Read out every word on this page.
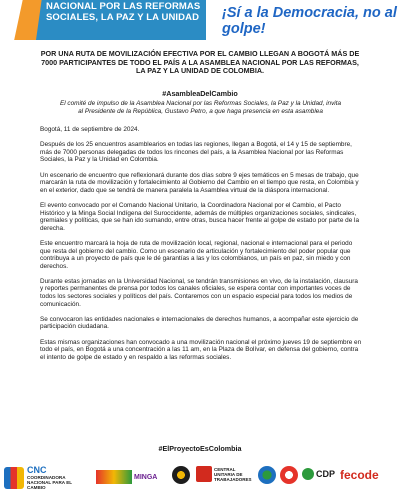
NACIONAL POR LAS REFORMAS SOCIALES, LA PAZ Y LA UNIDAD	¡Sí a la Democracia, no al golpe!
POR UNA RUTA DE MOVILIZACIÓN EFECTIVA POR EL CAMBIO LLEGAN A BOGOTÁ MÁS DE 7000 PARTICIPANTES DE TODO EL PAÍS A LA ASAMBLEA NACIONAL POR LAS REFORMAS, LA PAZ Y LA UNIDAD DE COLOMBIA.
#AsambleaDelCambio
El comité de impulso de la Asamblea Nacional por las Reformas Sociales, la Paz y la Unidad, invita al Presidente de la República, Gustavo Petro, a que haga presencia en esta asamblea

Bogotá, 11 de septiembre de 2024.

Después de los 25 encuentros asamblearios en todas las regiones, llegan a Bogotá, el 14 y 15 de septiembre, más de 7000 personas delegadas de todos los rincones del país, a la Asamblea Nacional por las Reformas Sociales, la Paz y la Unidad en Colombia.

Un escenario de encuentro que reflexionará durante dos días sobre 9 ejes temáticos en 5 mesas de trabajo, que marcarán la ruta de movilización y fortalecimiento al Gobierno del Cambio en el tiempo que resta, en Colombia y en el exterior, dado que se tendrá de manera paralela la Asamblea virtual de la diáspora internacional.

El evento convocado por el Comando Nacional Unitario, la Coordinadora Nacional por el Cambio, el Pacto Histórico y la Minga Social Indígena del Suroccidente, además de múltiples organizaciones sociales, sindicales, gremiales y políticas, que se han ido sumando, entre otras, busca hacer frente al golpe de estado por parte de la derecha.

Este encuentro marcará la hoja de ruta de movilización local, regional, nacional e internacional para el periodo que resta del gobierno del cambio. Como un escenario de articulación y fortalecimiento del poder popular que contribuya a un proyecto de país que le dé garantías a las y los colombianos, un país en paz, sin miedo y con derechos.

Durante estas jornadas en la Universidad Nacional, se tendrán transmisiones en vivo, de la instalación, clausura y reportes permanentes de prensa por todos los canales oficiales, se espera contar con importantes voces de todos los sectores sociales y políticos del país. Contaremos con un espacio especial para todos los medios de comunicación.

Se convocaron las entidades nacionales e internacionales de derechos humanos, a acompañar este ejercicio de participación ciudadana.

Estas mismas organizaciones han convocado a una movilización nacional el próximo jueves 19 de septiembre en todo el país, en Bogotá a una concentración a las 11 am, en la Plaza de Bolívar, en defensa del gobierno, contra el intento de golpe de estado y en respaldo a las reformas sociales.

#ElProyectoEsColombia
CNC
COORDINADORA NACIONAL PARA EL CAMBIO
MINGA
CENTRAL UNITARIA DE TRABAJADORES
CDP fecode
